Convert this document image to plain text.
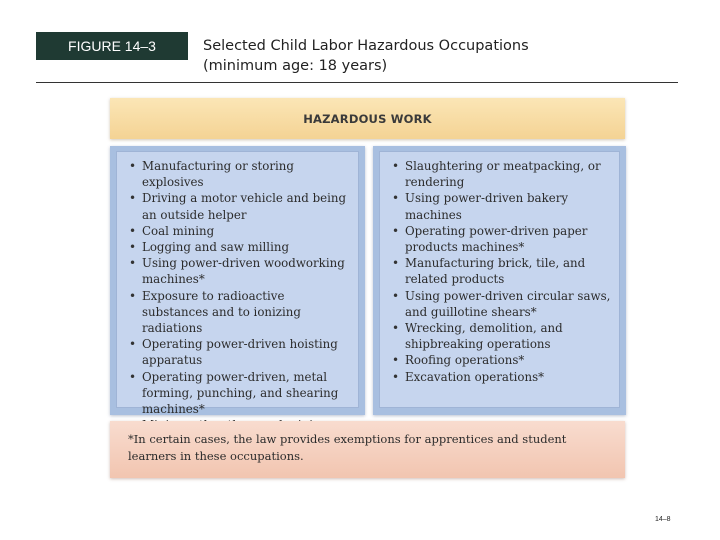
FIGURE 14–3	Selected Child Labor Hazardous Occupations
(minimum age: 18 years)
HAZARDOUS WORK
• Manufacturing or storing explosives
• Driving a motor vehicle and being an outside helper
• Coal mining
• Logging and saw milling
• Using power-driven woodworking machines*
• Exposure to radioactive substances and to ionizing radiations
• Operating power-driven hoisting apparatus
• Operating power-driven, metal forming, punching, and shearing machines*
•
• Slaughtering or meatpacking, or rendering
• Using power-driven bakery machines
• Operating power-driven paper products machines*
• Manufacturing brick, tile, and related products
• Using power-driven circular saws, and guillotine shears*
• Wrecking, demolition, and shipbreaking operations
• Roofing operations*
• Excavation operations*

*In certain cases, the law provides exemptions for apprentices and student learners in these occupations.

14–8
